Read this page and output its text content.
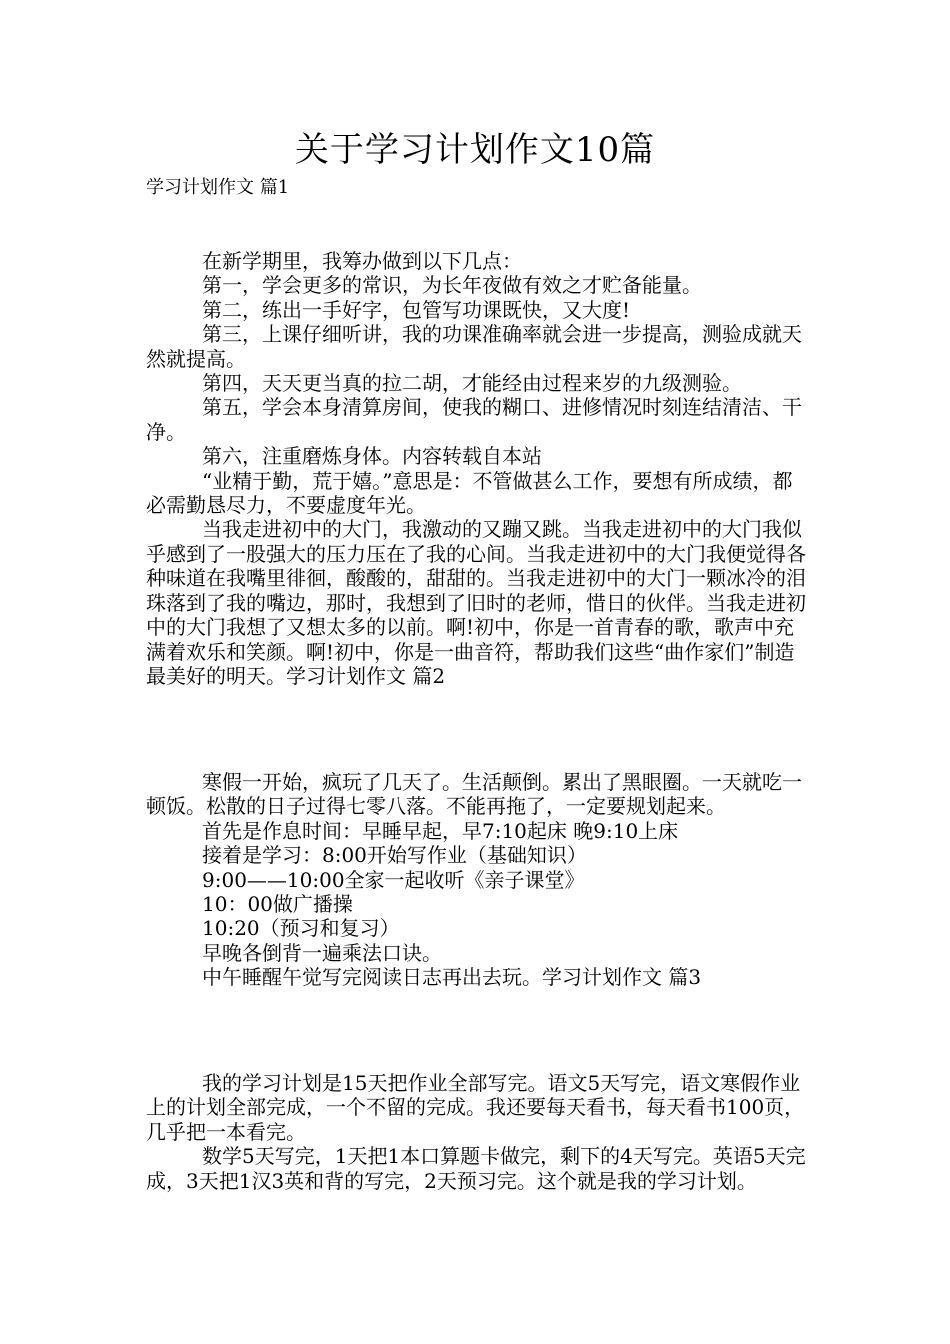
关于学习计划作文10篇
学习计划作文 篇1

在新学期里，我筹办做到以下几点：

第一，学会更多的常识，为长年夜做有效之才贮备能量。

第二，练出一手好字，包管写功课既快，又大度!

第三，上课仔细听讲，我的功课准确率就会进一步提高，测验成就天然就提高。

第四，天天更当真的拉二胡，才能经由过程来岁的九级测验。

第五，学会本身清算房间，使我的糊口、进修情况时刻连结清洁、干净。

第六，注重磨炼身体。内容转载自本站

“业精于勤，荒于嬉。”意思是：不管做甚么工作，要想有所成绩，都必需勤恳尽力，不要虚度年光。

当我走进初中的大门，我激动的又蹦又跳。当我走进初中的大门我似乎感到了一股强大的压力压在了我的心间。当我走进初中的大门我便觉得各种味道在我嘴里徘徊，酸酸的，甜甜的。当我走进初中的大门一颗冰冷的泪珠落到了我的嘴边，那时，我想到了旧时的老师，惜日的伙伴。当我走进初中的大门我想了又想太多的以前。啊!初中，你是一首青春的歌，歌声中充满着欢乐和笑颜。啊!初中，你是一曲音符，帮助我们这些“曲作家们”制造最美好的明天。学习计划作文 篇2

寒假一开始，疯玩了几天了。生活颠倒。累出了黑眼圈。一天就吃一顿饭。松散的日子过得七零八落。不能再拖了，一定要规划起来。

首先是作息时间：早睡早起，早7:10起床 晚9:10上床

接着是学习：8:00开始写作业（基础知识）

9:00——10:00全家一起收听《亲子课堂》

10：00做广播操

10:20（预习和复习）

早晚各倒背一遍乘法口诀。

中午睡醒午觉写完阅读日志再出去玩。学习计划作文 篇3

我的学习计划是15天把作业全部写完。语文5天写完，语文寒假作业上的计划全部完成，一个不留的完成。我还要每天看书，每天看书100页，几乎把一本看完。

数学5天写完，1天把1本口算题卡做完，剩下的4天写完。英语5天完成，3天把1汉3英和背的写完，2天预习完。这个就是我的学习计划。
